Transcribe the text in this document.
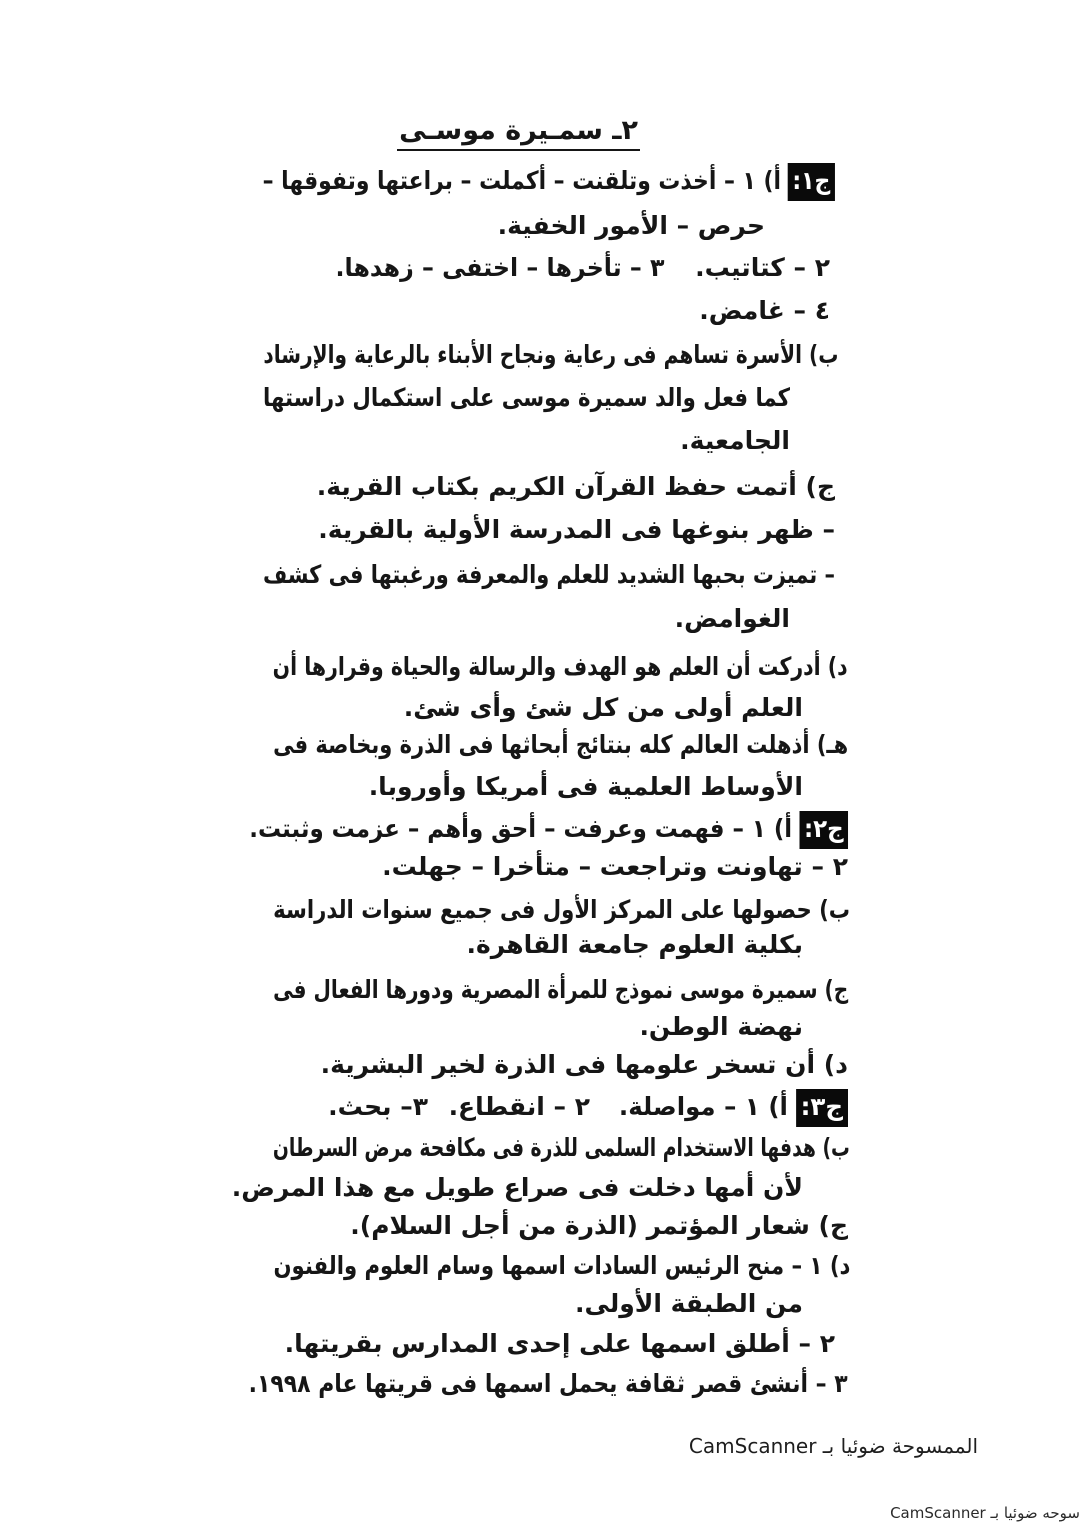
٢ـ سمـيرة موسـى
ج١:أ) ١ – أخذت وتلقنت – أكملت – براعتها وتفوقها –
حرص – الأمور الخفية.
٢ – كتاتيب.
٣ – تأخرها – اختفى – زهدها.
٤ – غامض.
ب) الأسرة تساهم فى رعاية ونجاح الأبناء بالرعاية والإرشاد
كما فعل والد سميرة موسى على استكمال دراستها
الجامعية.
ج) أتمت حفظ القرآن الكريم بكتاب القرية.
– ظهر بنوغها فى المدرسة الأولية بالقرية.
– تميزت بحبها الشديد للعلم والمعرفة ورغبتها فى كشف
الغوامض.
د) أدركت أن العلم هو الهدف والرسالة والحياة وقرارها أن
العلم أولى من كل شئ وأى شئ.
هـ) أذهلت العالم كله بنتائج أبحاثها فى الذرة وبخاصة فى
الأوساط العلمية فى أمريكا وأوروبا.
ج٢:أ) ١ – فهمت وعرفت – أحق وأهم – عزمت وثبتت.
٢ – تهاونت وتراجعت – متأخرا – جهلت.
ب) حصولها على المركز الأول فى جميع سنوات الدراسة
بكلية العلوم جامعة القاهرة.
ج) سميرة موسى نموذج للمرأة المصرية ودورها الفعال فى
نهضة الوطن.
د) أن تسخر علومها فى الذرة لخير البشرية.
ج٣:أ) ١ – مواصلة.
٢ – انقطاع.
٣– بحث.
ب) هدفها الاستخدام السلمى للذرة فى مكافحة مرض السرطان
لأن أمها دخلت فى صراع طويل مع هذا المرض.
ج) شعار المؤتمر (الذرة من أجل السلام).
د) ١ – منح الرئيس السادات اسمها وسام العلوم والفنون
من الطبقة الأولى.
٢ – أطلق اسمها على إحدى المدارس بقريتها.
٣ – أنشئ قصر ثقافة يحمل اسمها فى قريتها عام ١٩٩٨.
الممسوحة ضوئيا بـ CamScanner
سوحه ضوئيا بـ CamScanner
